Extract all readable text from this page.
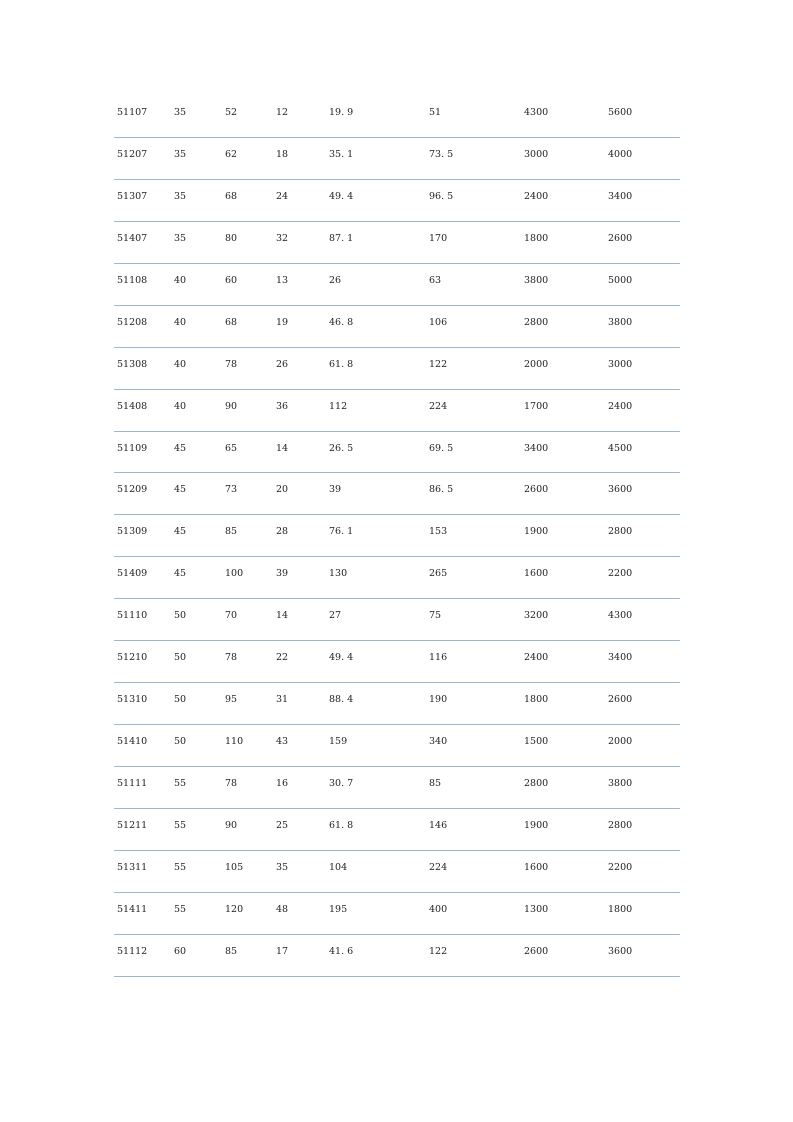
51107	35	52	12	19. 9	51	4300	5600
51207	35	62	18	35. 1	73. 5	3000	4000
51307	35	68	24	49. 4	96. 5	2400	3400
51407	35	80	32	87. 1	170	1800	2600
51108	40	60	13	26	63	3800	5000
51208	40	68	19	46. 8	106	2800	3800
51308	40	78	26	61. 8	122	2000	3000
51408	40	90	36	112	224	1700	2400
51109	45	65	14	26. 5	69. 5	3400	4500
51209	45	73	20	39	86. 5	2600	3600
51309	45	85	28	76. 1	153	1900	2800
51409	45	100	39	130	265	1600	2200
51110	50	70	14	27	75	3200	4300
51210	50	78	22	49. 4	116	2400	3400
51310	50	95	31	88. 4	190	1800	2600
51410	50	110	43	159	340	1500	2000
51111	55	78	16	30. 7	85	2800	3800
51211	55	90	25	61. 8	146	1900	2800
51311	55	105	35	104	224	1600	2200
51411	55	120	48	195	400	1300	1800
51112	60	85	17	41. 6	122	2600	3600
